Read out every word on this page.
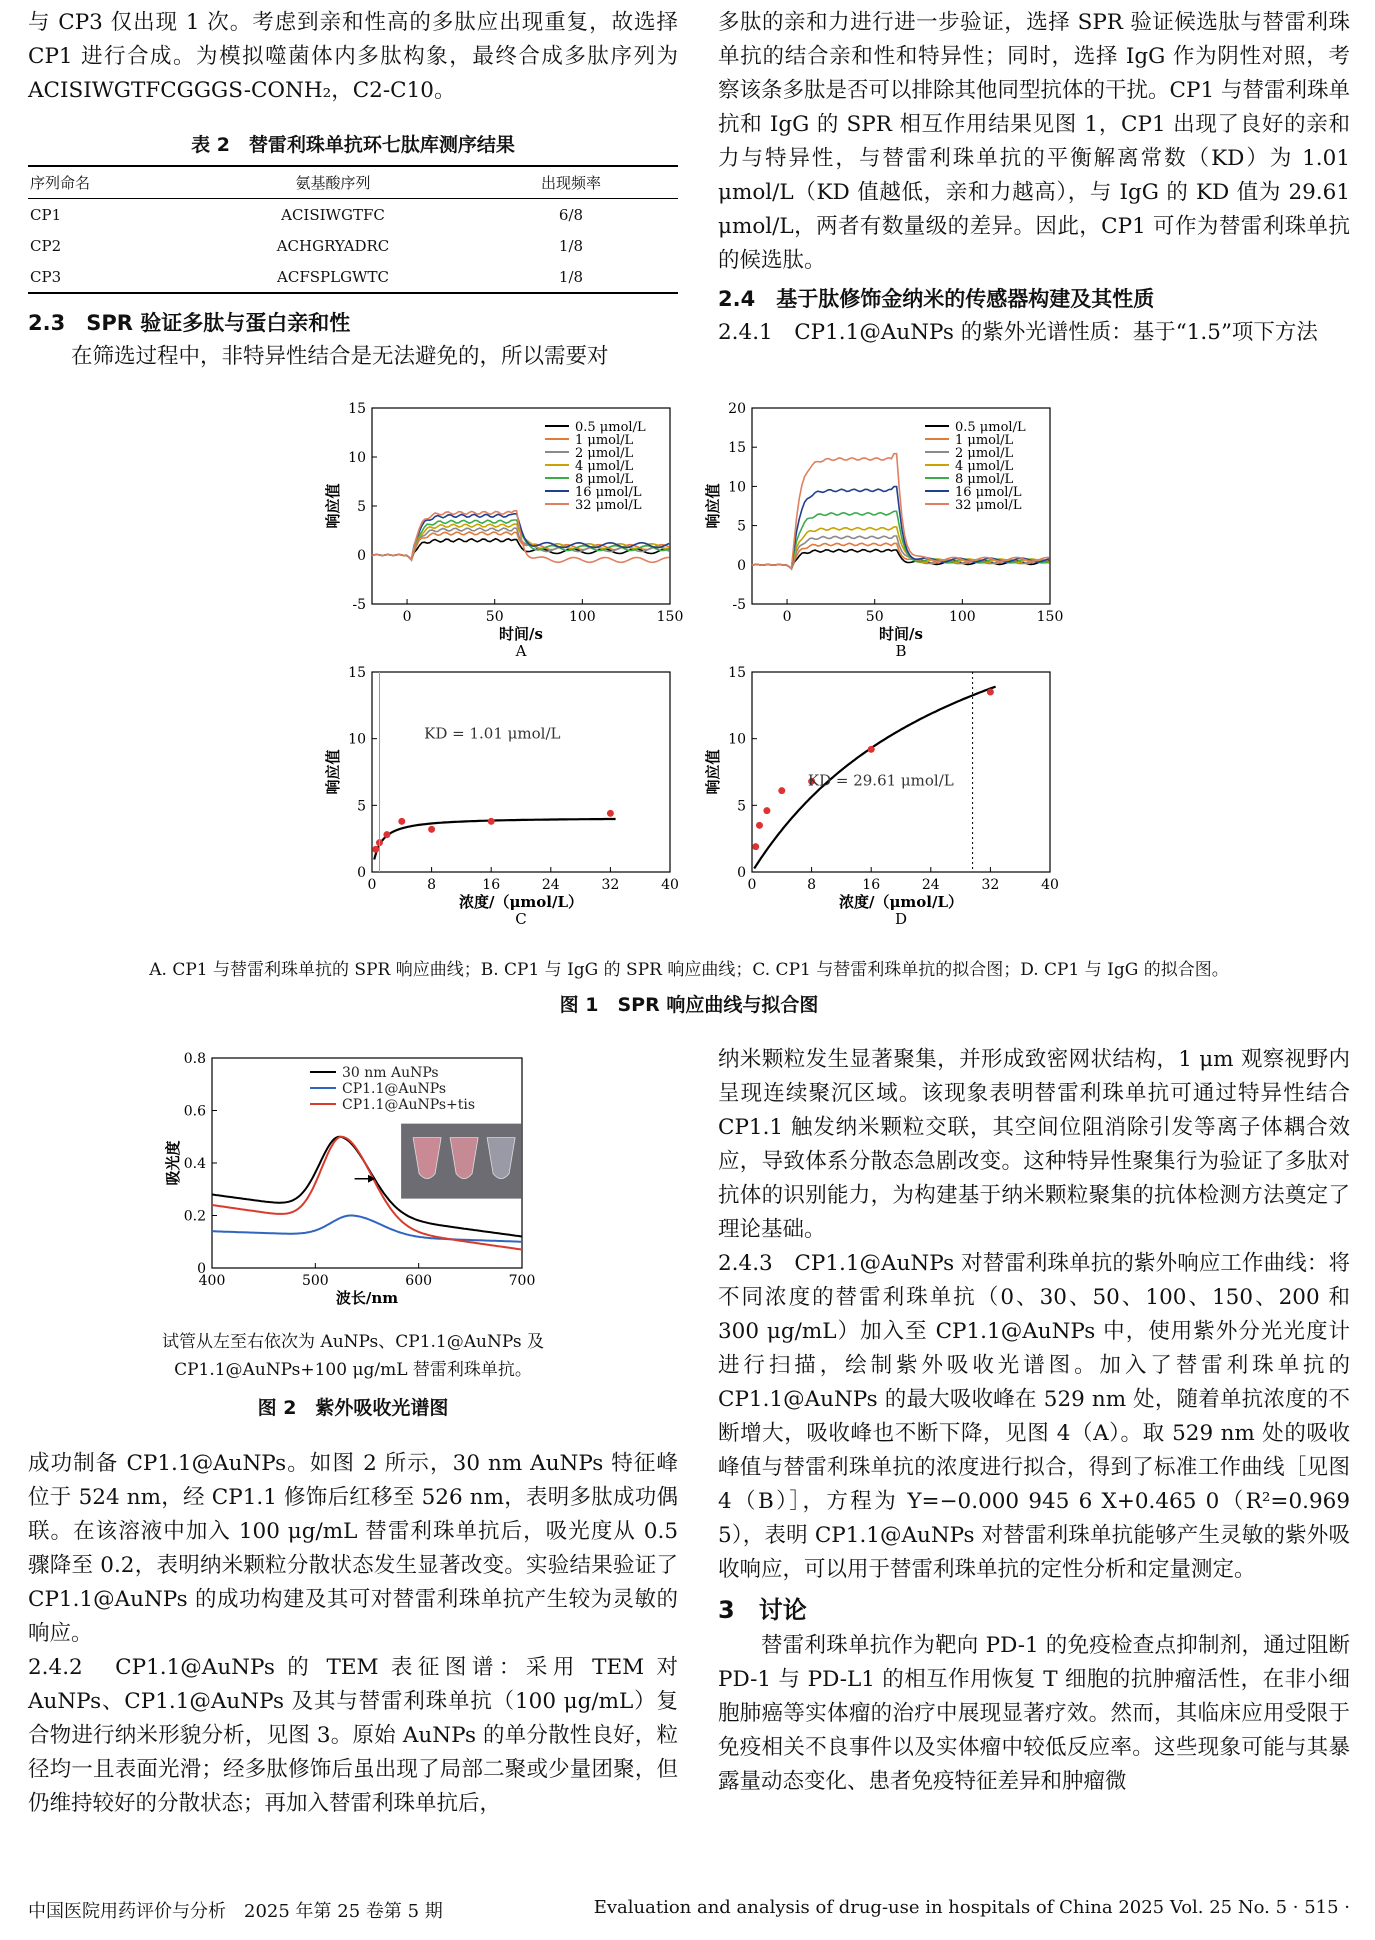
与 CP3 仅出现 1 次。考虑到亲和性高的多肽应出现重复，故选择 CP1 进行合成。为模拟噬菌体内多肽构象，最终合成多肽序列为 ACISIWGTFCGGGS-CONH₂，C2-C10。

表 2　替雷利珠单抗环七肽库测序结果
序列命名	氨基酸序列	出现频率
CP1	ACISIWGTFC	6/8
CP2	ACHGRYADRC	1/8
CP3	ACFSPLGWTC	1/8

2.3　SPR 验证多肽与蛋白亲和性

在筛选过程中，非特异性结合是无法避免的，所以需要对

多肽的亲和力进行进一步验证，选择 SPR 验证候选肽与替雷利珠单抗的结合亲和性和特异性；同时，选择 IgG 作为阴性对照，考察该条多肽是否可以排除其他同型抗体的干扰。CP1 与替雷利珠单抗和 IgG 的 SPR 相互作用结果见图 1，CP1 出现了良好的亲和力与特异性，与替雷利珠单抗的平衡解离常数（KD）为 1.01 μmol/L（KD 值越低，亲和力越高），与 IgG 的 KD 值为 29.61 μmol/L，两者有数量级的差异。因此，CP1 可作为替雷利珠单抗的候选肽。

2.4　基于肽修饰金纳米的传感器构建及其性质

2.4.1　CP1.1@AuNPs 的紫外光谱性质：基于“1.5”项下方法

0	50	100	150
-5
0
5
10
15
响应值
时间/s
A
0.5 μmol/L
1 μmol/L
2 μmol/L
4 μmol/L
8 μmol/L
16 μmol/L
32 μmol/L
0	50	100	150
-5
0
5
10
15
20
响应值
时间/s
B
0.5 μmol/L
1 μmol/L
2 μmol/L
4 μmol/L
8 μmol/L
16 μmol/L
32 μmol/L
0	8	16	24	32	40
0
5
10
15
响应值
浓度/（μmol/L）
C
KD = 1.01 μmol/L
0	8	16	24	32	40
0
5
10
15
响应值
浓度/（μmol/L）
D
KD = 29.61 μmol/L
A. CP1 与替雷利珠单抗的 SPR 响应曲线；B. CP1 与 IgG 的 SPR 响应曲线；C. CP1 与替雷利珠单抗的拟合图；D. CP1 与 IgG 的拟合图。
图 1　SPR 响应曲线与拟合图
400	500	600	700
0
0.2
0.4
0.6
0.8
吸光度
波长/nm
30 nm AuNPs
CP1.1@AuNPs
CP1.1@AuNPs+tis
试管从左至右依次为 AuNPs、CP1.1@AuNPs 及
CP1.1@AuNPs+100 μg/mL 替雷利珠单抗。
图 2　紫外吸收光谱图

成功制备 CP1.1@AuNPs。如图 2 所示，30 nm AuNPs 特征峰位于 524 nm，经 CP1.1 修饰后红移至 526 nm，表明多肽成功偶联。在该溶液中加入 100 μg/mL 替雷利珠单抗后，吸光度从 0.5 骤降至 0.2，表明纳米颗粒分散状态发生显著改变。实验结果验证了 CP1.1@AuNPs 的成功构建及其可对替雷利珠单抗产生较为灵敏的响应。

2.4.2　CP1.1@AuNPs 的 TEM 表征图谱：采用 TEM 对 AuNPs、CP1.1@AuNPs 及其与替雷利珠单抗（100 μg/mL）复合物进行纳米形貌分析，见图 3。原始 AuNPs 的单分散性良好，粒径均一且表面光滑；经多肽修饰后虽出现了局部二聚或少量团聚，但仍维持较好的分散状态；再加入替雷利珠单抗后，

纳米颗粒发生显著聚集，并形成致密网状结构，1 μm 观察视野内呈现连续聚沉区域。该现象表明替雷利珠单抗可通过特异性结合 CP1.1 触发纳米颗粒交联，其空间位阻消除引发等离子体耦合效应，导致体系分散态急剧改变。这种特异性聚集行为验证了多肽对抗体的识别能力，为构建基于纳米颗粒聚集的抗体检测方法奠定了理论基础。

2.4.3　CP1.1@AuNPs 对替雷利珠单抗的紫外响应工作曲线：将不同浓度的替雷利珠单抗（0、30、50、100、150、200 和 300 μg/mL）加入至 CP1.1@AuNPs 中，使用紫外分光光度计进行扫描，绘制紫外吸收光谱图。加入了替雷利珠单抗的 CP1.1@AuNPs 的最大吸收峰在 529 nm 处，随着单抗浓度的不断增大，吸收峰也不断下降，见图 4（A）。取 529 nm 处的吸收峰值与替雷利珠单抗的浓度进行拟合，得到了标准工作曲线［见图 4（B）］，方程为 Y=−0.000 945 6 X+0.465 0（R²=0.969 5），表明 CP1.1@AuNPs 对替雷利珠单抗能够产生灵敏的紫外吸收响应，可以用于替雷利珠单抗的定性分析和定量测定。

3　讨论

替雷利珠单抗作为靶向 PD-1 的免疫检查点抑制剂，通过阻断 PD-1 与 PD-L1 的相互作用恢复 T 细胞的抗肿瘤活性，在非小细胞肺癌等实体瘤的治疗中展现显著疗效。然而，其临床应用受限于免疫相关不良事件以及实体瘤中较低反应率。这些现象可能与其暴露量动态变化、患者免疫特征差异和肿瘤微

中国医院用药评价与分析　2025 年第 25 卷第 5 期	Evaluation and analysis of drug-use in hospitals of China 2025 Vol. 25 No. 5 · 515 ·
